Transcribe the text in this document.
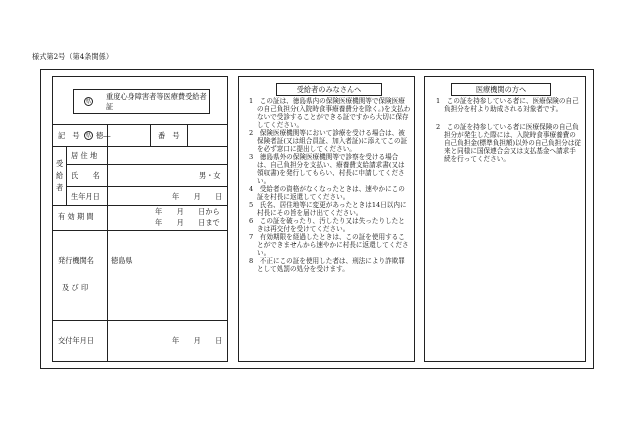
様式第2号（第4条関係）
県
重度心身障害者等医療費受給者証
記　号	県 徳―	番　号
受
給
者
居 住 地
氏　　名	男・女
生年月日	年　　月　　日
有 効 期 間
年　　月　　日から
年　　月　　日まで
発行機関名 徳島県
及 び 印
交付年月日	年　　月　　日
受給者のみなさんへ

1　この証は、徳島県内の保険医療機関等で保険医療の自己負担分(入院時食事療養費分を除く。)を支払わないで受診することができる証ですから大切に保存してください。

2　保険医療機関等において診療を受ける場合は、被保険者証(又は組合員証、加入者証)に添えてこの証を必ず窓口に提出してください。

3　徳島県外の保険医療機関等で診察を受ける場合は、自己負担分を支払い、療養費支給請求書(又は領収書)を発行してもらい、村長に申請してください。

4　受給者の資格がなくなったときは、速やかにこの証を村長に返還してください。

5　氏名、居住地等に変更があったときは14日以内に村長にその旨を届け出てください。

6　この証を破ったり、汚したり又は失ったりしたときは再交付を受けてください。

7　有効期限を経過したときは、この証を使用することができませんから速やかに村長に返還してください。

8　不正にこの証を使用した者は、刑法により詐欺罪として処罰の処分を受けます。

医療機関の方へ

1　この証を持参している者に、医療保険の自己負担分を村より助成される対象者です。

2　この証を持参している者に医療保険の自己負担分が発生した際には、入院時食事療養費の自己負担金(標準負担額)以外の自己負担分は従来と同様に国保連合会又は支払基金へ請求手続を行ってください。
